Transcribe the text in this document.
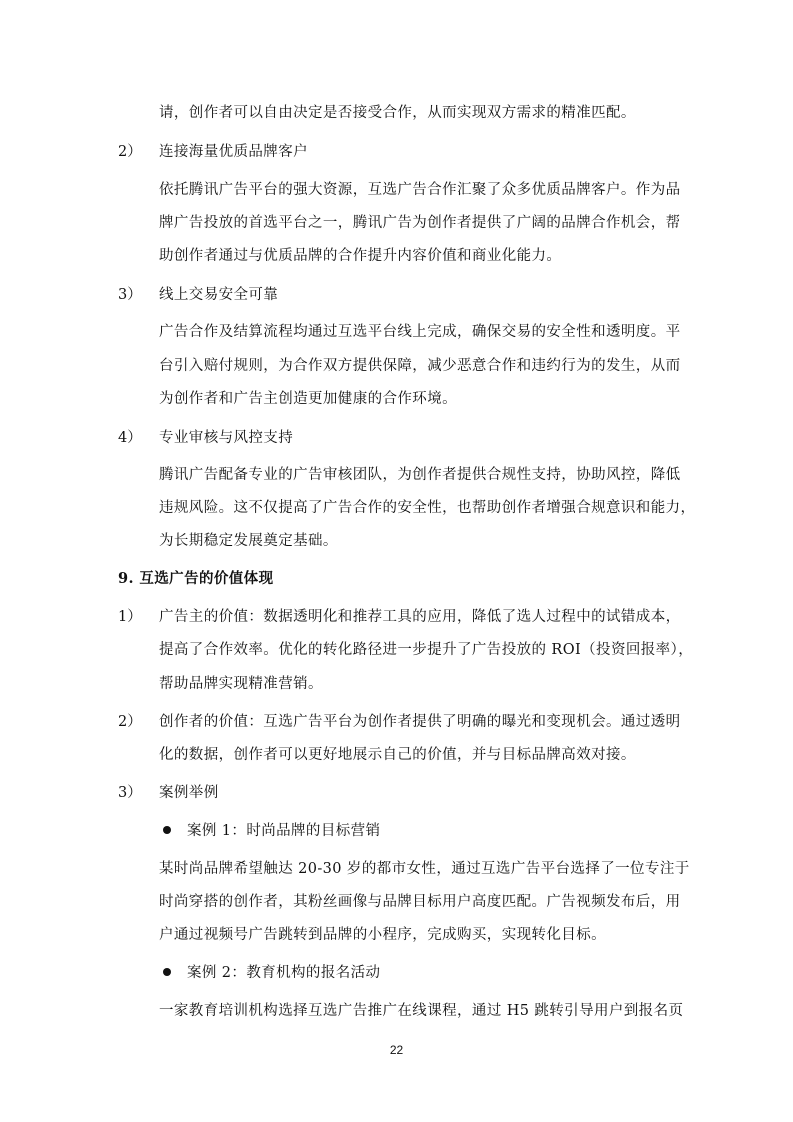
请，创作者可以自由决定是否接受合作，从而实现双方需求的精准匹配。
2） 连接海量优质品牌客户
依托腾讯广告平台的强大资源，互选广告合作汇聚了众多优质品牌客户。作为品
牌广告投放的首选平台之一，腾讯广告为创作者提供了广阔的品牌合作机会，帮
助创作者通过与优质品牌的合作提升内容价值和商业化能力。
3） 线上交易安全可靠
广告合作及结算流程均通过互选平台线上完成，确保交易的安全性和透明度。平
台引入赔付规则，为合作双方提供保障，减少恶意合作和违约行为的发生，从而
为创作者和广告主创造更加健康的合作环境。
4） 专业审核与风控支持
腾讯广告配备专业的广告审核团队，为创作者提供合规性支持，协助风控，降低
违规风险。这不仅提高了广告合作的安全性，也帮助创作者增强合规意识和能力，
为长期稳定发展奠定基础。
9. 互选广告的价值体现
1） 广告主的价值：数据透明化和推荐工具的应用，降低了选人过程中的试错成本，
提高了合作效率。优化的转化路径进一步提升了广告投放的 ROI（投资回报率），
帮助品牌实现精准营销。
2） 创作者的价值：互选广告平台为创作者提供了明确的曝光和变现机会。通过透明
化的数据，创作者可以更好地展示自己的价值，并与目标品牌高效对接。
3） 案例举例
案例 1：时尚品牌的目标营销
某时尚品牌希望触达 20-30 岁的都市女性，通过互选广告平台选择了一位专注于
时尚穿搭的创作者，其粉丝画像与品牌目标用户高度匹配。广告视频发布后，用
户通过视频号广告跳转到品牌的小程序，完成购买，实现转化目标。
案例 2：教育机构的报名活动
一家教育培训机构选择互选广告推广在线课程，通过 H5 跳转引导用户到报名页
22
